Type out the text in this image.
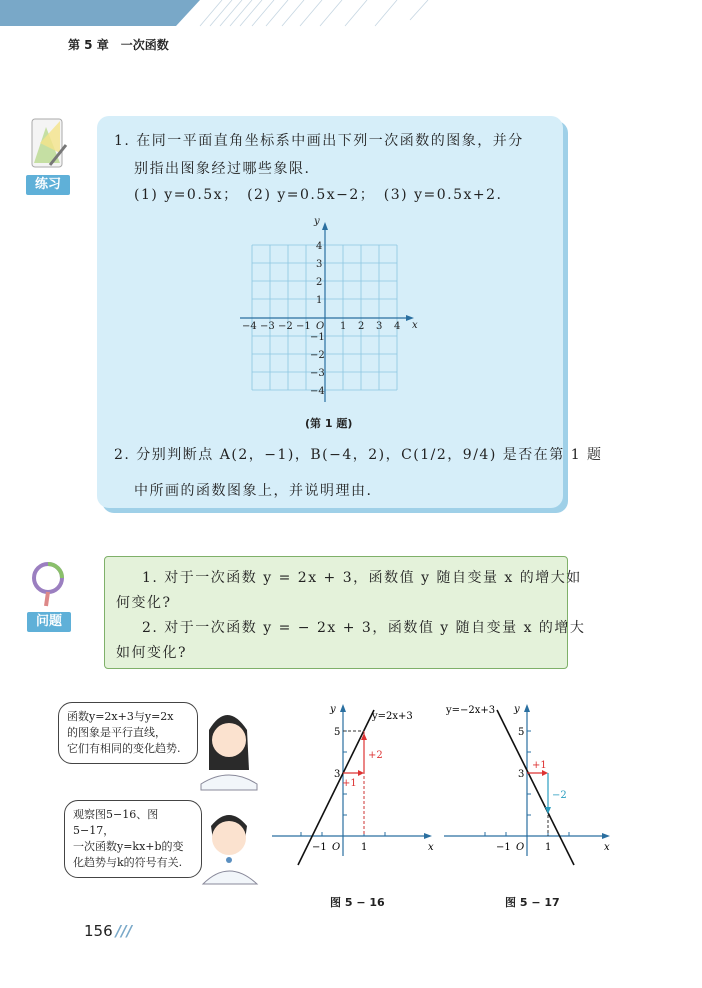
第 5 章　一次函数
练习
1. 在同一平面直角坐标系中画出下列一次函数的图象，并分
别指出图象经过哪些象限.
(1) y=0.5x；　(2) y=0.5x−2；　(3) y=0.5x+2.
−4 −3 −2 −1 O 1 2 3 4
4
3
2
1
−1
−2
−3
−4
x
y
(第 1 题)
2. 分别判断点 A(2，−1)，B(−4，2)，C(1/2，9/4) 是否在第 1 题
中所画的函数图象上，并说明理由.
问题
1. 对于一次函数 y = 2x + 3，函数值 y 随自变量 x 的增大如
何变化?
2. 对于一次函数 y = − 2x + 3，函数值 y 随自变量 x 的增大
如何变化?
函数y=2x+3与y=2x
的图象是平行直线，
它们有相同的变化趋势.
观察图5−16、图5−17，
一次函数y=kx+b的变
化趋势与k的符号有关.
y=2x+3
+2
+1
5
3
−1 O 1	x
y
图 5 − 16
y=−2x+3
+1
−2
5
3
−1 O 1	x
y
图 5 − 17
156 ///
